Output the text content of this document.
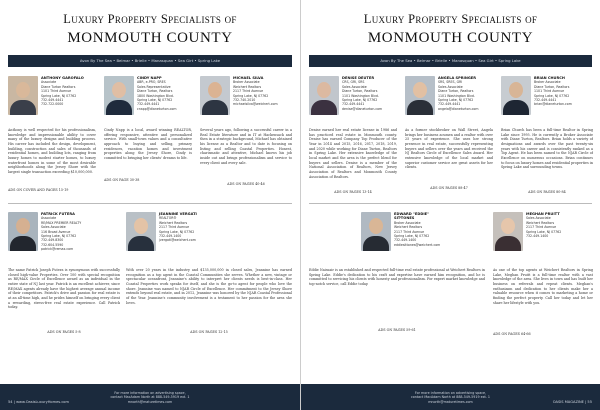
Luxury Property Specialists of
MONMOUTH COUNTY
Avon By The Sea • Belmar • Brielle • Manasquan • Sea Girt • Spring Lake
ANTHONY GAROFALO
Associate
Diane Turton Realtors
1101 Third Avenue
Spring Lake, NJ 07762
732.449.4441
732.722.0000
Anthony is well respected for his professionalism, knowledge and impressionable ability to cover many of the luxury designs and building process. His career has included the design, development, building, construction and sales of thousands of residential homes, and building lots, ranging from luxury homes to modest starter homes, to luxury waterfront homes in some of the most desirable neighborhoods along the Jersey Shore with the largest single transaction exceeding $10,000,000.
ADS ON COVER AND PAGES 15-19
CINDY NAPP
ABR, e-PRO, SRES
Sales Representative
Diane Turton, Realtors
1800 Washington Blvd.
Spring Lake, NJ 07762
732.449.4441
cnapp@dianeturton.com
Cindy Napp is a local, award winning REALTOR, offering responsive, attentive and personalized service. With small-town values and a consultative approach to buying and selling, primary residences, vacation homes and investment properties along the Jersey Shore, Cindy is committed to bringing her clients' dreams to life.
ADS ON PAGE 30-38
MICHAEL SILVA
Broker Associate
Weichert Realtors
2117 Third Avenue
Spring Lake, NJ 07762
732.740.2010
michaelsilva@weichert.com
Several years ago, following a successful career in a Real Estate literature and in IT at Hackensack and then in a strategic background, Michael has obtained his license as a Realtor and to date is focusing on listing and selling Coastal Properties. Honest, charismatic and attentive, Michael knows his job inside out and brings professionalism and service to every client and every sale.
ADS ON PAGES 40-46
PATRICK FUTERA
Associate
RE/MAX PREMIER REALTY
Sales Associate
116 Broad Avenue
Spring Lake, NJ 07762
732.449.8300
732.604.5590
patrick@remax.com
The name Patrick Joseph Futera is synonymous with successfully closed high-value Properties. Over 100 with special recognition as RE/MAX Circle of Excellence award as an individual in the entire state of NJ last year. Patrick is an excellent achiever, since RE/MAX agents already have the highest average annual income of their competitors. Patrick's drive and passion for real estate is at an all-time high, and he prides himself on bringing every client a rewarding, stress-free real estate experience. Call Patrick today.
ADS ON PAGES 5-8
JEANNINE VERGATI
REALTOR®
Weichert Realtors
2117 Third Avenue
Spring Lake, NJ 07762
732.449.1400
jvergati@weichert.com
With over 20 years in the industry and $135,000,000 in closed sales, Jeannine has earned recognition as a top agent in the Coastal Communities she serves. Whether a new, vintage or spectacular oceanfront, Jeannine's ability to interpret her clients needs is best-in-class. Her Coastal Properties work speaks for itself, and she is the go-to agent for people who love the shore. Jeannine was named to NJAR Circle of Excellence. Her commitment to the Jersey Shore extends beyond real estate, and in 2012, Jeannine was honored by the NJAR Coastal Professional of the Year. Jeannine's community involvement is a testament to her passion for the area she loves.
ADS ON PAGES 12-15
For more information on advertising space,
contact MacAdam North at 888-549-5919 ext. 1
mnorth@maturetimes.com
54 | www.OasisLuxuryHomes.com
Luxury Property Specialists of
MONMOUTH COUNTY
Avon By The Sea • Belmar • Brielle • Manasquan • Sea Girt • Spring Lake
DENISE DEUTER
CRS, GRI, SRS
Sales Associate
Diane Turton, Realtors
1101 Washington Blvd.
Spring Lake, NJ 07762
732.449.4441
denise@dianeturton.com
Denise earned her real estate license in 1986 and has practiced real estate in Monmouth county. Denise has earned Company Top Producer of the Year in 2014 and 2015, 2016, 2017, 2018, 2019, and 2020 while working for Diane Turton, Realtors in Spring Lake. Her extensive knowledge of the local market and the area is the perfect blend for buyers and sellers. Denise is a member of the National Association of Realtors, New Jersey Association of Realtors and Monmouth County Association of Realtors.
ADS ON PAGES 13-14
ANGELA SPRINGER
SRS, SRES, GRI
Sales Associate
Diane Turton, Realtors
1101 Washington Blvd.
Spring Lake, NJ 07762
732.449.4441
angela@dianeturton.com
As a former stockbroker on Wall Street, Angela brings her business acumen and a realtor with over 25 years of experience. She uses her strong presence in real estate, successfully representing buyers and sellers over the years and received the NJ Realtors Circle of Excellence Sales Award. Her extensive knowledge of the local market and superior customer service are great assets for her clients.
ADS ON PAGES 88-47
BRIAN CHURCH
Broker Associate
Diane Turton, Realtors
1101 Third Avenue
Spring Lake, NJ 07762
732.449.4441
brian@dianeturton.com
Brian Church has been a full-time Realtor in Spring Lake since 1995. He is currently a Broker Associate with Diane Turton, Realtors. Brian holds a variety of designations and awards over the past twenty-six years with his career and is consistently ranked as a Top Agent. He has been named to the NJAR Circle of Excellence on numerous occasions. Brian continues to focus on luxury homes and residential properties in Spring Lake and surrounding towns.
ADS ON PAGES 80-84
EDWARD "EDDIE"
SIT-TONES
Broker Associate
Weichert Realtors
2117 Third Avenue
Spring Lake, NJ 07762
732.449.1400
eddiesittones@weichert.com
Eddie Naissair is an established and respected full-time real estate professional at Weichert Realtors in Spring Lake. Eddie's dedication to his craft and expertise have earned him recognition, and he is committed to servicing his clients with honesty and professionalism. For expert market knowledge and top-notch service, call Eddie today.
ADS ON PAGES 59-61
MEGHAN PRUITT
Sales Associate
Weichert Realtors
2117 Third Avenue
Spring Lake, NJ 07762
732.449.1400
As one of the top agents at Weichert Realtors in Spring Lake, Meghan Pruitt is a full-time realtor with a vast knowledge of the area. She lives in town and has built her business on referrals and repeat clients. Meghan's enthusiasm and dedication to her clients make her a valuable resource when it comes to marketing a home or finding the perfect property. Call her today and let her share her lifestyle with you.
ADS ON PAGES 64-66
For more information on advertising space,
contact MacAdam North at 888-549-5919 ext. 1
mnorth@maturetimes.com	OASIS MAGAZINE | 55
